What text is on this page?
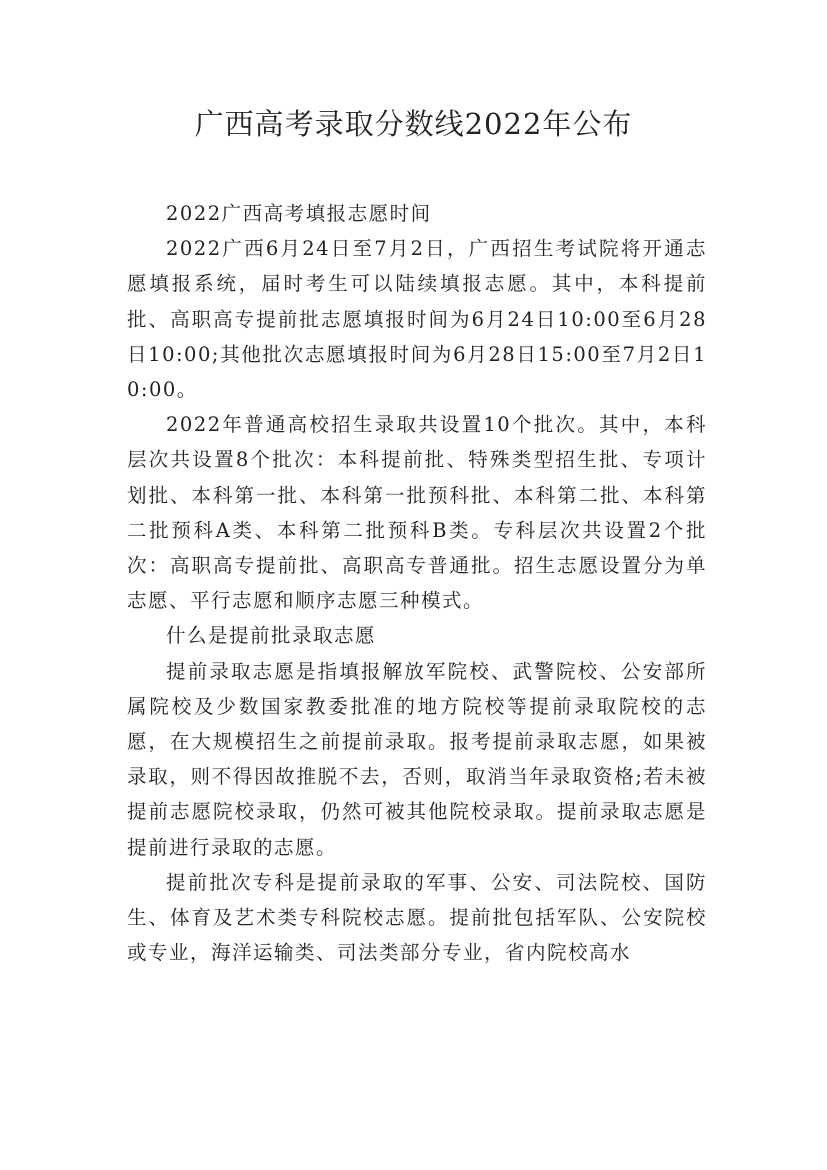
广西高考录取分数线2022年公布

2022广西高考填报志愿时间

2022广西6月24日至7月2日，广西招生考试院将开通志愿填报系统，届时考生可以陆续填报志愿。其中，本科提前批、高职高专提前批志愿填报时间为6月24日10:00至6月28日10:00;其他批次志愿填报时间为6月28日15:00至7月2日10:00。

2022年普通高校招生录取共设置10个批次。其中，本科层次共设置8个批次：本科提前批、特殊类型招生批、专项计划批、本科第一批、本科第一批预科批、本科第二批、本科第二批预科A类、本科第二批预科B类。专科层次共设置2个批次：高职高专提前批、高职高专普通批。招生志愿设置分为单志愿、平行志愿和顺序志愿三种模式。

什么是提前批录取志愿

提前录取志愿是指填报解放军院校、武警院校、公安部所属院校及少数国家教委批准的地方院校等提前录取院校的志愿，在大规模招生之前提前录取。报考提前录取志愿，如果被录取，则不得因故推脱不去，否则，取消当年录取资格;若未被提前志愿院校录取，仍然可被其他院校录取。提前录取志愿是提前进行录取的志愿。

提前批次专科是提前录取的军事、公安、司法院校、国防生、体育及艺术类专科院校志愿。提前批包括军队、公安院校或专业，海洋运输类、司法类部分专业，省内院校高水
